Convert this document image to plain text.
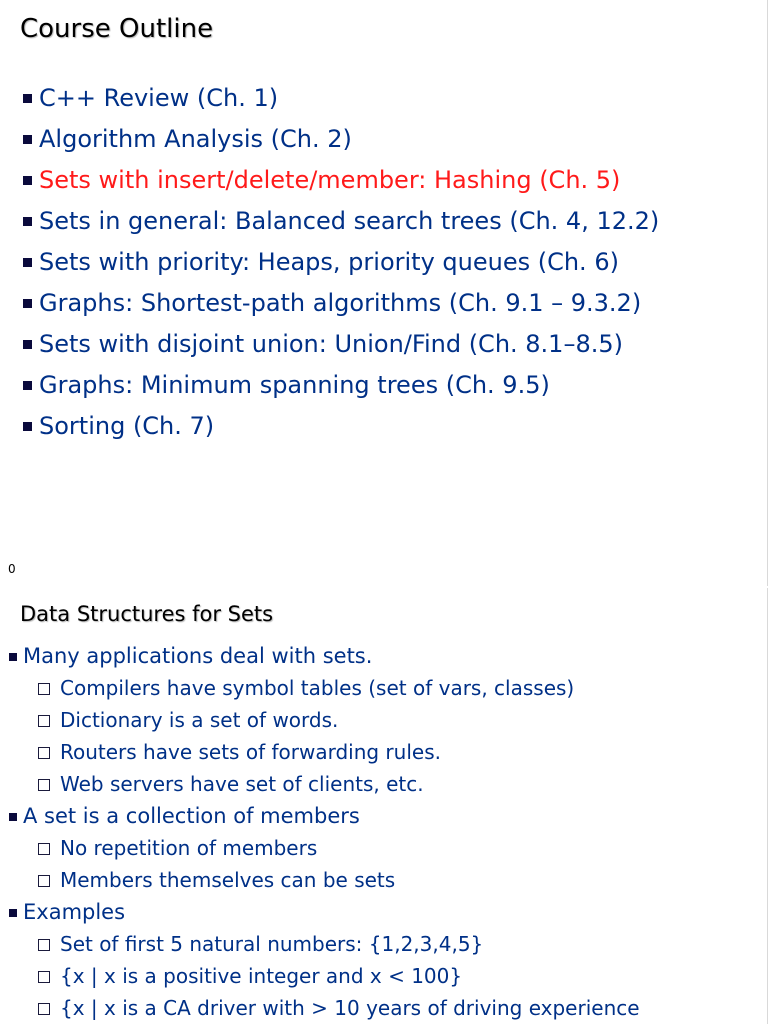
Course Outline
C++ Review (Ch. 1)
Algorithm Analysis (Ch. 2)
Sets with insert/delete/member: Hashing (Ch. 5)
Sets in general: Balanced search trees (Ch. 4, 12.2)
Sets with priority: Heaps, priority queues (Ch. 6)
Graphs: Shortest-path algorithms (Ch. 9.1 – 9.3.2)
Sets with disjoint union: Union/Find (Ch. 8.1–8.5)
Graphs: Minimum spanning trees (Ch. 9.5)
Sorting (Ch. 7)
0
Data Structures for Sets
Many applications deal with sets.
Compilers have symbol tables (set of vars, classes)
Dictionary is a set of words.
Routers have sets of forwarding rules.
Web servers have set of clients, etc.
A set is a collection of members
No repetition of members
Members themselves can be sets
Examples
Set of first 5 natural numbers: {1,2,3,4,5}
{x | x is a positive integer and x < 100}
{x | x is a CA driver with > 10 years of driving experience
